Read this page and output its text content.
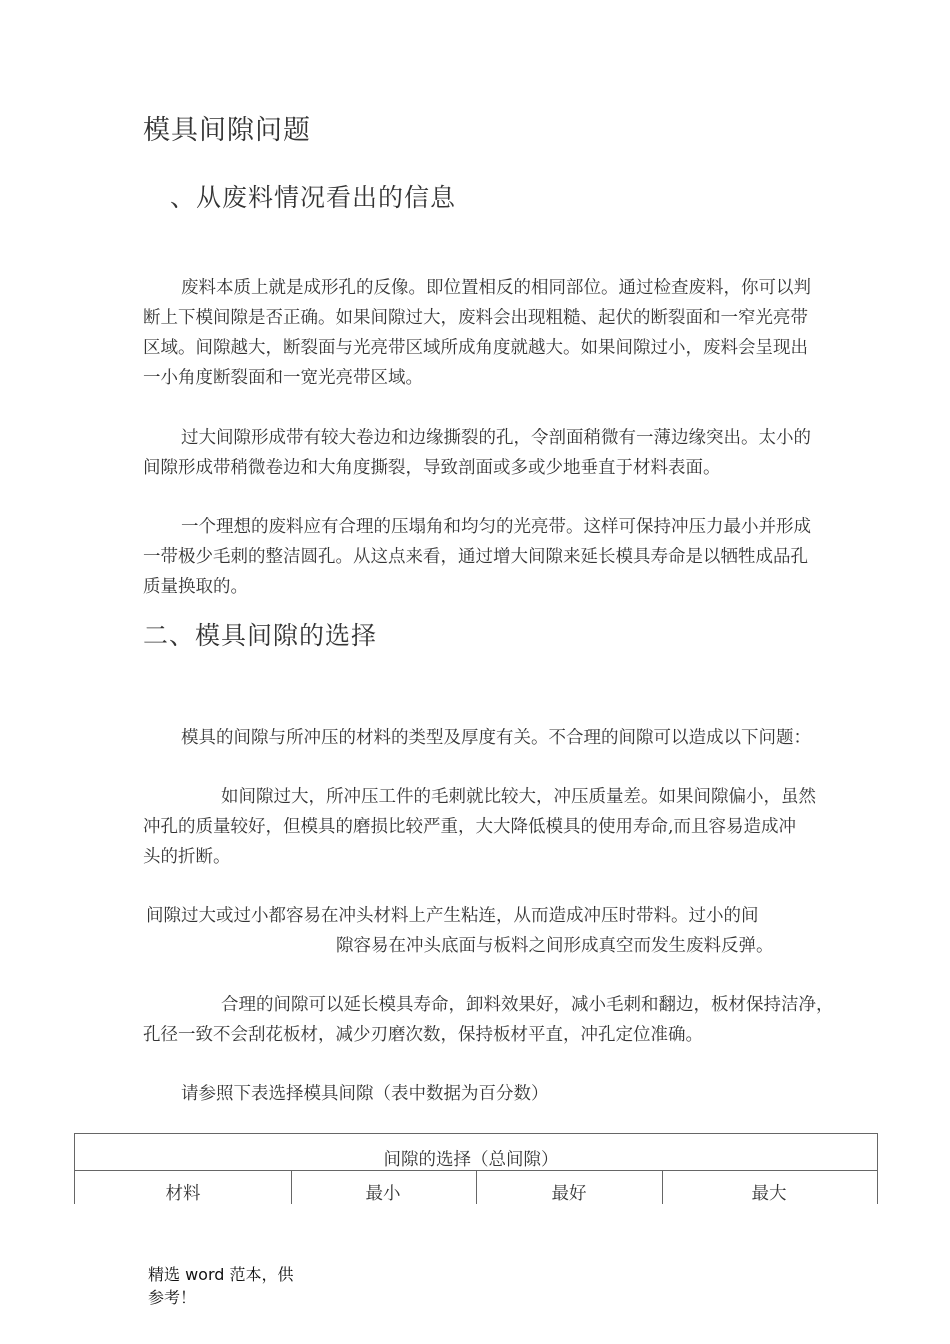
模具间隙问题
、从废料情况看出的信息
废料本质上就是成形孔的反像。即位置相反的相同部位。通过检查废料，你可以判
断上下模间隙是否正确。如果间隙过大，废料会出现粗糙、起伏的断裂面和一窄光亮带
区域。间隙越大，断裂面与光亮带区域所成角度就越大。如果间隙过小，废料会呈现出
一小角度断裂面和一宽光亮带区域。
过大间隙形成带有较大卷边和边缘撕裂的孔，令剖面稍微有一薄边缘突出。太小的
间隙形成带稍微卷边和大角度撕裂，导致剖面或多或少地垂直于材料表面。
一个理想的废料应有合理的压塌角和均匀的光亮带。这样可保持冲压力最小并形成
一带极少毛刺的整洁圆孔。从这点来看，通过增大间隙来延长模具寿命是以牺牲成品孔
质量换取的。
二、模具间隙的选择
模具的间隙与所冲压的材料的类型及厚度有关。不合理的间隙可以造成以下问题：
如间隙过大，所冲压工件的毛刺就比较大，冲压质量差。如果间隙偏小，虽然
冲孔的质量较好，但模具的磨损比较严重，大大降低模具的使用寿命,而且容易造成冲
头的折断。
间隙过大或过小都容易在冲头材料上产生粘连，从而造成冲压时带料。过小的间
隙容易在冲头底面与板料之间形成真空而发生废料反弹。
合理的间隙可以延长模具寿命，卸料效果好，减小毛刺和翻边，板材保持洁净，
孔径一致不会刮花板材，减少刃磨次数，保持板材平直，冲孔定位准确。
请参照下表选择模具间隙（表中数据为百分数）
间隙的选择（总间隙）
材料	最小	最好	最大
精选 word 范本，供
参考！
